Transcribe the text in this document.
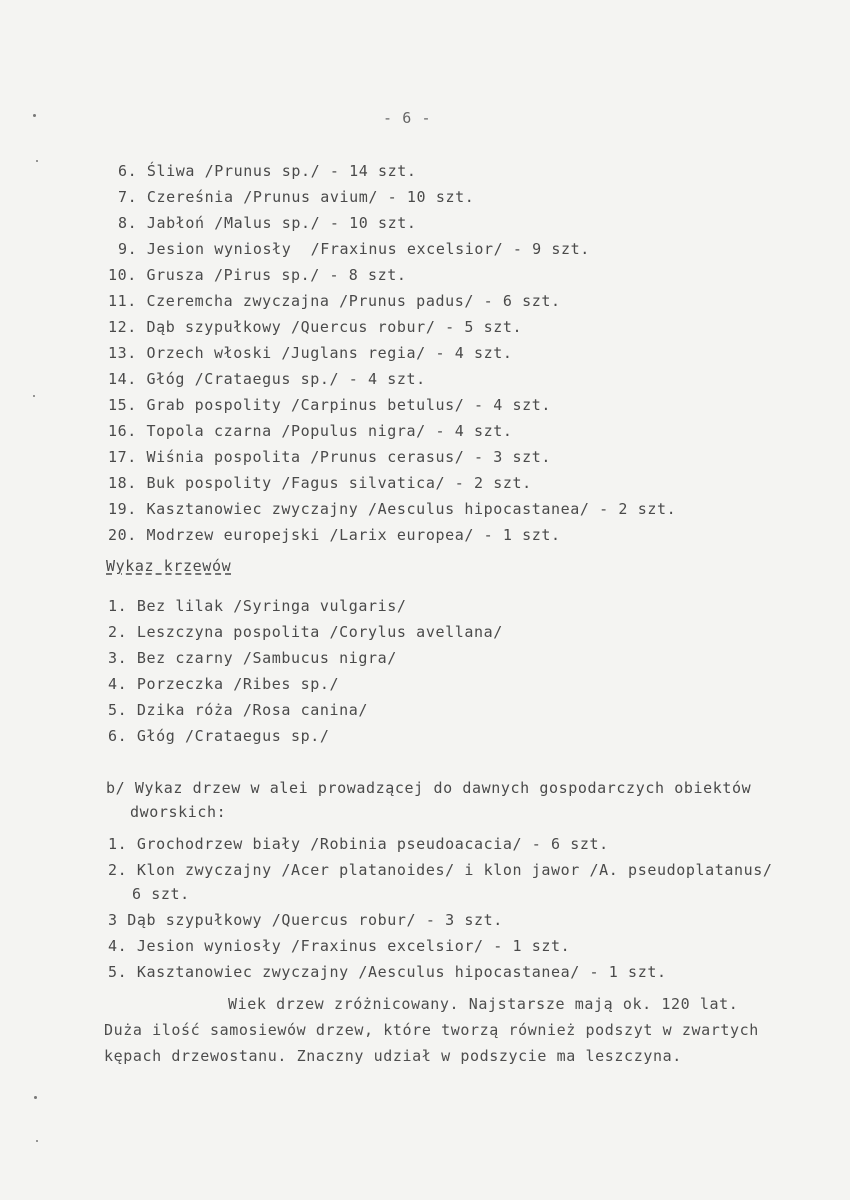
- 6 -
6. Śliwa /Prunus sp./ - 14 szt.
7. Czereśnia /Prunus avium/ - 10 szt.
8. Jabłoń /Malus sp./ - 10 szt.
9. Jesion wyniosły  /Fraxinus excelsior/ - 9 szt.
10. Grusza /Pirus sp./ - 8 szt.
11. Czeremcha zwyczajna /Prunus padus/ - 6 szt.
12. Dąb szypułkowy /Quercus robur/ - 5 szt.
13. Orzech włoski /Juglans regia/ - 4 szt.
14. Głóg /Crataegus sp./ - 4 szt.
15. Grab pospolity /Carpinus betulus/ - 4 szt.
16. Topola czarna /Populus nigra/ - 4 szt.
17. Wiśnia pospolita /Prunus cerasus/ - 3 szt.
18. Buk pospolity /Fagus silvatica/ - 2 szt.
19. Kasztanowiec zwyczajny /Aesculus hipocastanea/ - 2 szt.
20. Modrzew europejski /Larix europea/ - 1 szt.
Wykaz krzewów
1. Bez lilak /Syringa vulgaris/
2. Leszczyna pospolita /Corylus avellana/
3. Bez czarny /Sambucus nigra/
4. Porzeczka /Ribes sp./
5. Dzika róża /Rosa canina/
6. Głóg /Crataegus sp./
b/ Wykaz drzew w alei prowadzącej do dawnych gospodarczych obiektów
dworskich:
1. Grochodrzew biały /Robinia pseudoacacia/ - 6 szt.
2. Klon zwyczajny /Acer platanoides/ i klon jawor /A. pseudoplatanus/
6 szt.
3 Dąb szypułkowy /Quercus robur/ - 3 szt.
4. Jesion wyniosły /Fraxinus excelsior/ - 1 szt.
5. Kasztanowiec zwyczajny /Aesculus hipocastanea/ - 1 szt.
Wiek drzew zróżnicowany. Najstarsze mają ok. 120 lat.
Duża ilość samosiewów drzew, które tworzą również podszyt w zwartych
kępach drzewostanu. Znaczny udział w podszycie ma leszczyna.
